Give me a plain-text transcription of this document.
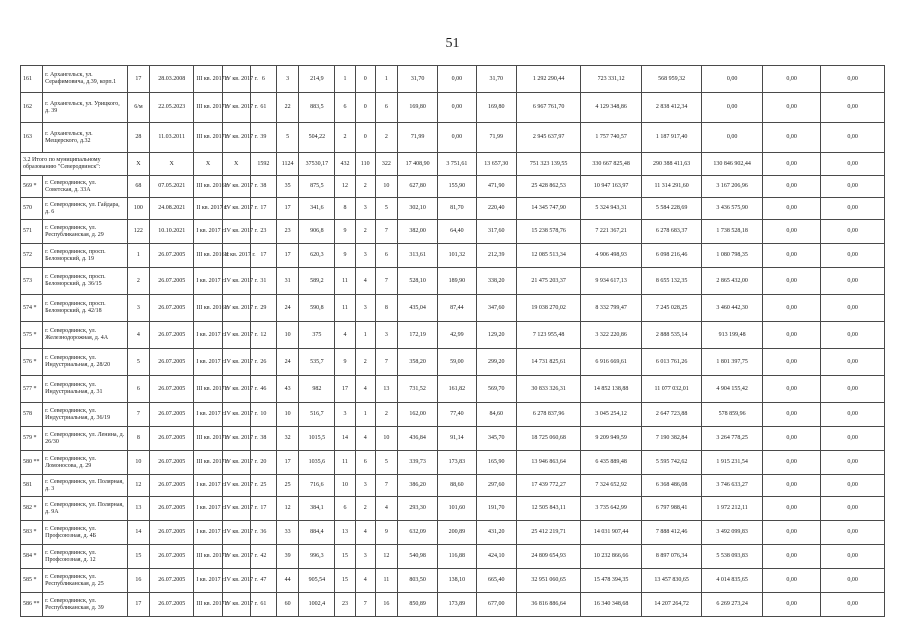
51
161	г. Архангельск, ул. Серафимовича, д.39, корп.1	17	28.03.2008	III кв. 2017 г.	IV кв. 2017 г.	6	3	214,9	1	0	1	31,70	0,00	31,70	1 292 290,44	723 331,12	568 959,32	0,00	0,00	0,00
162	г. Архангельск, ул. Урицкого, д. 39	6/м	22.05.2023	III кв. 2017 г.	IV кв. 2017 г.	61	22	883,5	6	0	6	169,80	0,00	169,80	6 967 761,70	4 129 348,86	2 838 412,34	0,00	0,00	0,00
163	г. Архангельск, ул. Мещерского, д.32	28	11.03.2011	III кв. 2017 г.	IV кв. 2017 г.	39	5	504,22	2	0	2	71,99	0,00	71,99	2 945 637,97	1 757 740,57	1 187 917,40	0,00	0,00	0,00
3.2 Итого по муниципальному образованию "Северодвинск":		X	X	X	X	1592	1124	37530,17	432	110	322	17 408,90	3 751,61	13 657,30	751 323 139,55	330 667 825,48	290 388 411,63	130 846 902,44	0,00	0,00
569 *	г. Северодвинск, ул. Советская, д. 33А	68	07.05.2021	III кв. 2016 г.	IV кв. 2017 г.	38	35	875,5	12	2	10	627,80	155,90	471,90	25 428 862,53	10 947 163,97	11 314 291,60	3 167 206,96	0,00	0,00
570	г. Северодвинск, ул. Гайдара, д. 6	100	24.08.2021	II кв. 2017 г.	IV кв. 2017 г.	17	17	341,6	8	3	5	302,10	81,70	220,40	14 345 747,90	5 324 943,31	5 584 228,69	3 436 575,90	0,00	0,00
571	г. Северодвинск, ул. Республиканская, д. 29	122	10.10.2021	I кв. 2017 г.	IV кв. 2017 г.	23	23	906,8	9	2	7	382,00	64,40	317,60	15 238 578,76	7 221 367,21	6 278 683,37	1 738 528,18	0,00	0,00
572	г. Северодвинск, просп. Беломорский, д. 19	1	26.07.2005	III кв. 2016 г.	II кв. 2017 г.	17	17	620,3	9	3	6	313,61	101,32	212,39	12 085 513,34	4 906 498,93	6 098 216,46	1 080 798,35	0,00	0,00
573	г. Северодвинск, просп. Беломорский, д. 36/15	2	26.07.2005	I кв. 2017 г.	IV кв. 2017 г.	31	31	589,2	11	4	7	528,10	189,90	338,20	21 475 203,37	9 934 617,13	8 655 132,35	2 865 432,00	0,00	0,00
574 *	г. Северодвинск, просп. Беломорский, д. 42/18	3	26.07.2005	III кв. 2016 г.	IV кв. 2017 г.	29	24	590,8	11	3	8	435,04	87,44	347,60	19 038 270,02	8 332 799,47	7 245 028,25	3 460 442,30	0,00	0,00
575 *	г. Северодвинск, ул. Железнодорожная, д. 4А	4	26.07.2005	I кв. 2017 г.	IV кв. 2017 г.	12	10	375	4	1	3	172,19	42,99	129,20	7 123 955,48	3 322 220,86	2 888 535,14	913 199,48	0,00	0,00
576 *	г. Северодвинск, ул. Индустриальная, д. 28/20	5	26.07.2005	I кв. 2017 г.	IV кв. 2017 г.	26	24	535,7	9	2	7	358,20	59,00	299,20	14 731 825,61	6 916 669,61	6 013 761,26	1 801 397,75	0,00	0,00
577 *	г. Северодвинск, ул. Индустриальная, д. 31	6	26.07.2005	III кв. 2017 г.	IV кв. 2017 г.	46	43	982	17	4	13	731,52	161,82	569,70	30 833 326,31	14 852 138,88	11 077 032,01	4 904 155,42	0,00	0,00
578	г. Северодвинск, ул. Индустриальная, д. 36/19	7	26.07.2005	I кв. 2017 г.	IV кв. 2017 г.	10	10	516,7	3	1	2	162,00	77,40	84,60	6 278 837,96	3 045 254,12	2 647 723,88	578 859,96	0,00	0,00
579 *	г. Северодвинск, ул. Ленина, д. 26/30	8	26.07.2005	III кв. 2017 г.	IV кв. 2017 г.	38	32	1015,5	14	4	10	436,84	91,14	345,70	18 725 060,68	9 209 949,59	7 190 382,84	3 264 778,25	0,00	0,00
580 **	г. Северодвинск, ул. Ломоносова, д. 29	10	26.07.2005	III кв. 2017 г.	IV кв. 2017 г.	20	17	1035,6	11	6	5	339,73	173,83	165,90	13 946 863,64	6 435 889,48	5 595 742,62	1 915 231,54	0,00	0,00
581	г. Северодвинск, ул. Полярная, д. 3	12	26.07.2005	I кв. 2017 г.	IV кв. 2017 г.	25	25	716,6	10	3	7	386,20	88,60	297,60	17 439 772,27	7 324 652,92	6 368 486,08	3 746 633,27	0,00	0,00
582 *	г. Северодвинск, ул. Полярная, д. 9А	13	26.07.2005	I кв. 2017 г.	IV кв. 2017 г.	17	12	384,1	6	2	4	293,30	101,60	191,70	12 505 843,11	3 735 642,99	6 797 988,41	1 972 212,11	0,00	0,00
583 *	г. Северодвинск, ул. Профсоюзная, д. 4Б	14	26.07.2005	I кв. 2017 г.	IV кв. 2017 г.	36	33	884,4	13	4	9	632,09	200,89	431,20	25 412 219,71	14 031 907,44	7 888 412,46	3 492 099,83	0,00	0,00
584 *	г. Северодвинск, ул. Профсоюзная, д. 12	15	26.07.2005	III кв. 2017 г.	IV кв. 2017 г.	42	39	996,3	15	3	12	540,98	116,88	424,10	24 809 654,93	10 232 866,66	8 897 076,34	5 538 093,83	0,00	0,00
585 *	г. Северодвинск, ул. Республиканская, д. 25	16	26.07.2005	I кв. 2017 г.	IV кв. 2017 г.	47	44	905,54	15	4	11	803,50	138,10	665,40	32 951 060,65	15 478 394,35	13 457 830,65	4 014 835,65	0,00	0,00
586 **	г. Северодвинск, ул. Республиканская, д. 39	17	26.07.2005	III кв. 2017 г.	IV кв. 2017 г.	61	60	1002,4	23	7	16	850,89	173,89	677,00	36 816 886,64	16 340 348,68	14 207 264,72	6 269 273,24	0,00	0,00
